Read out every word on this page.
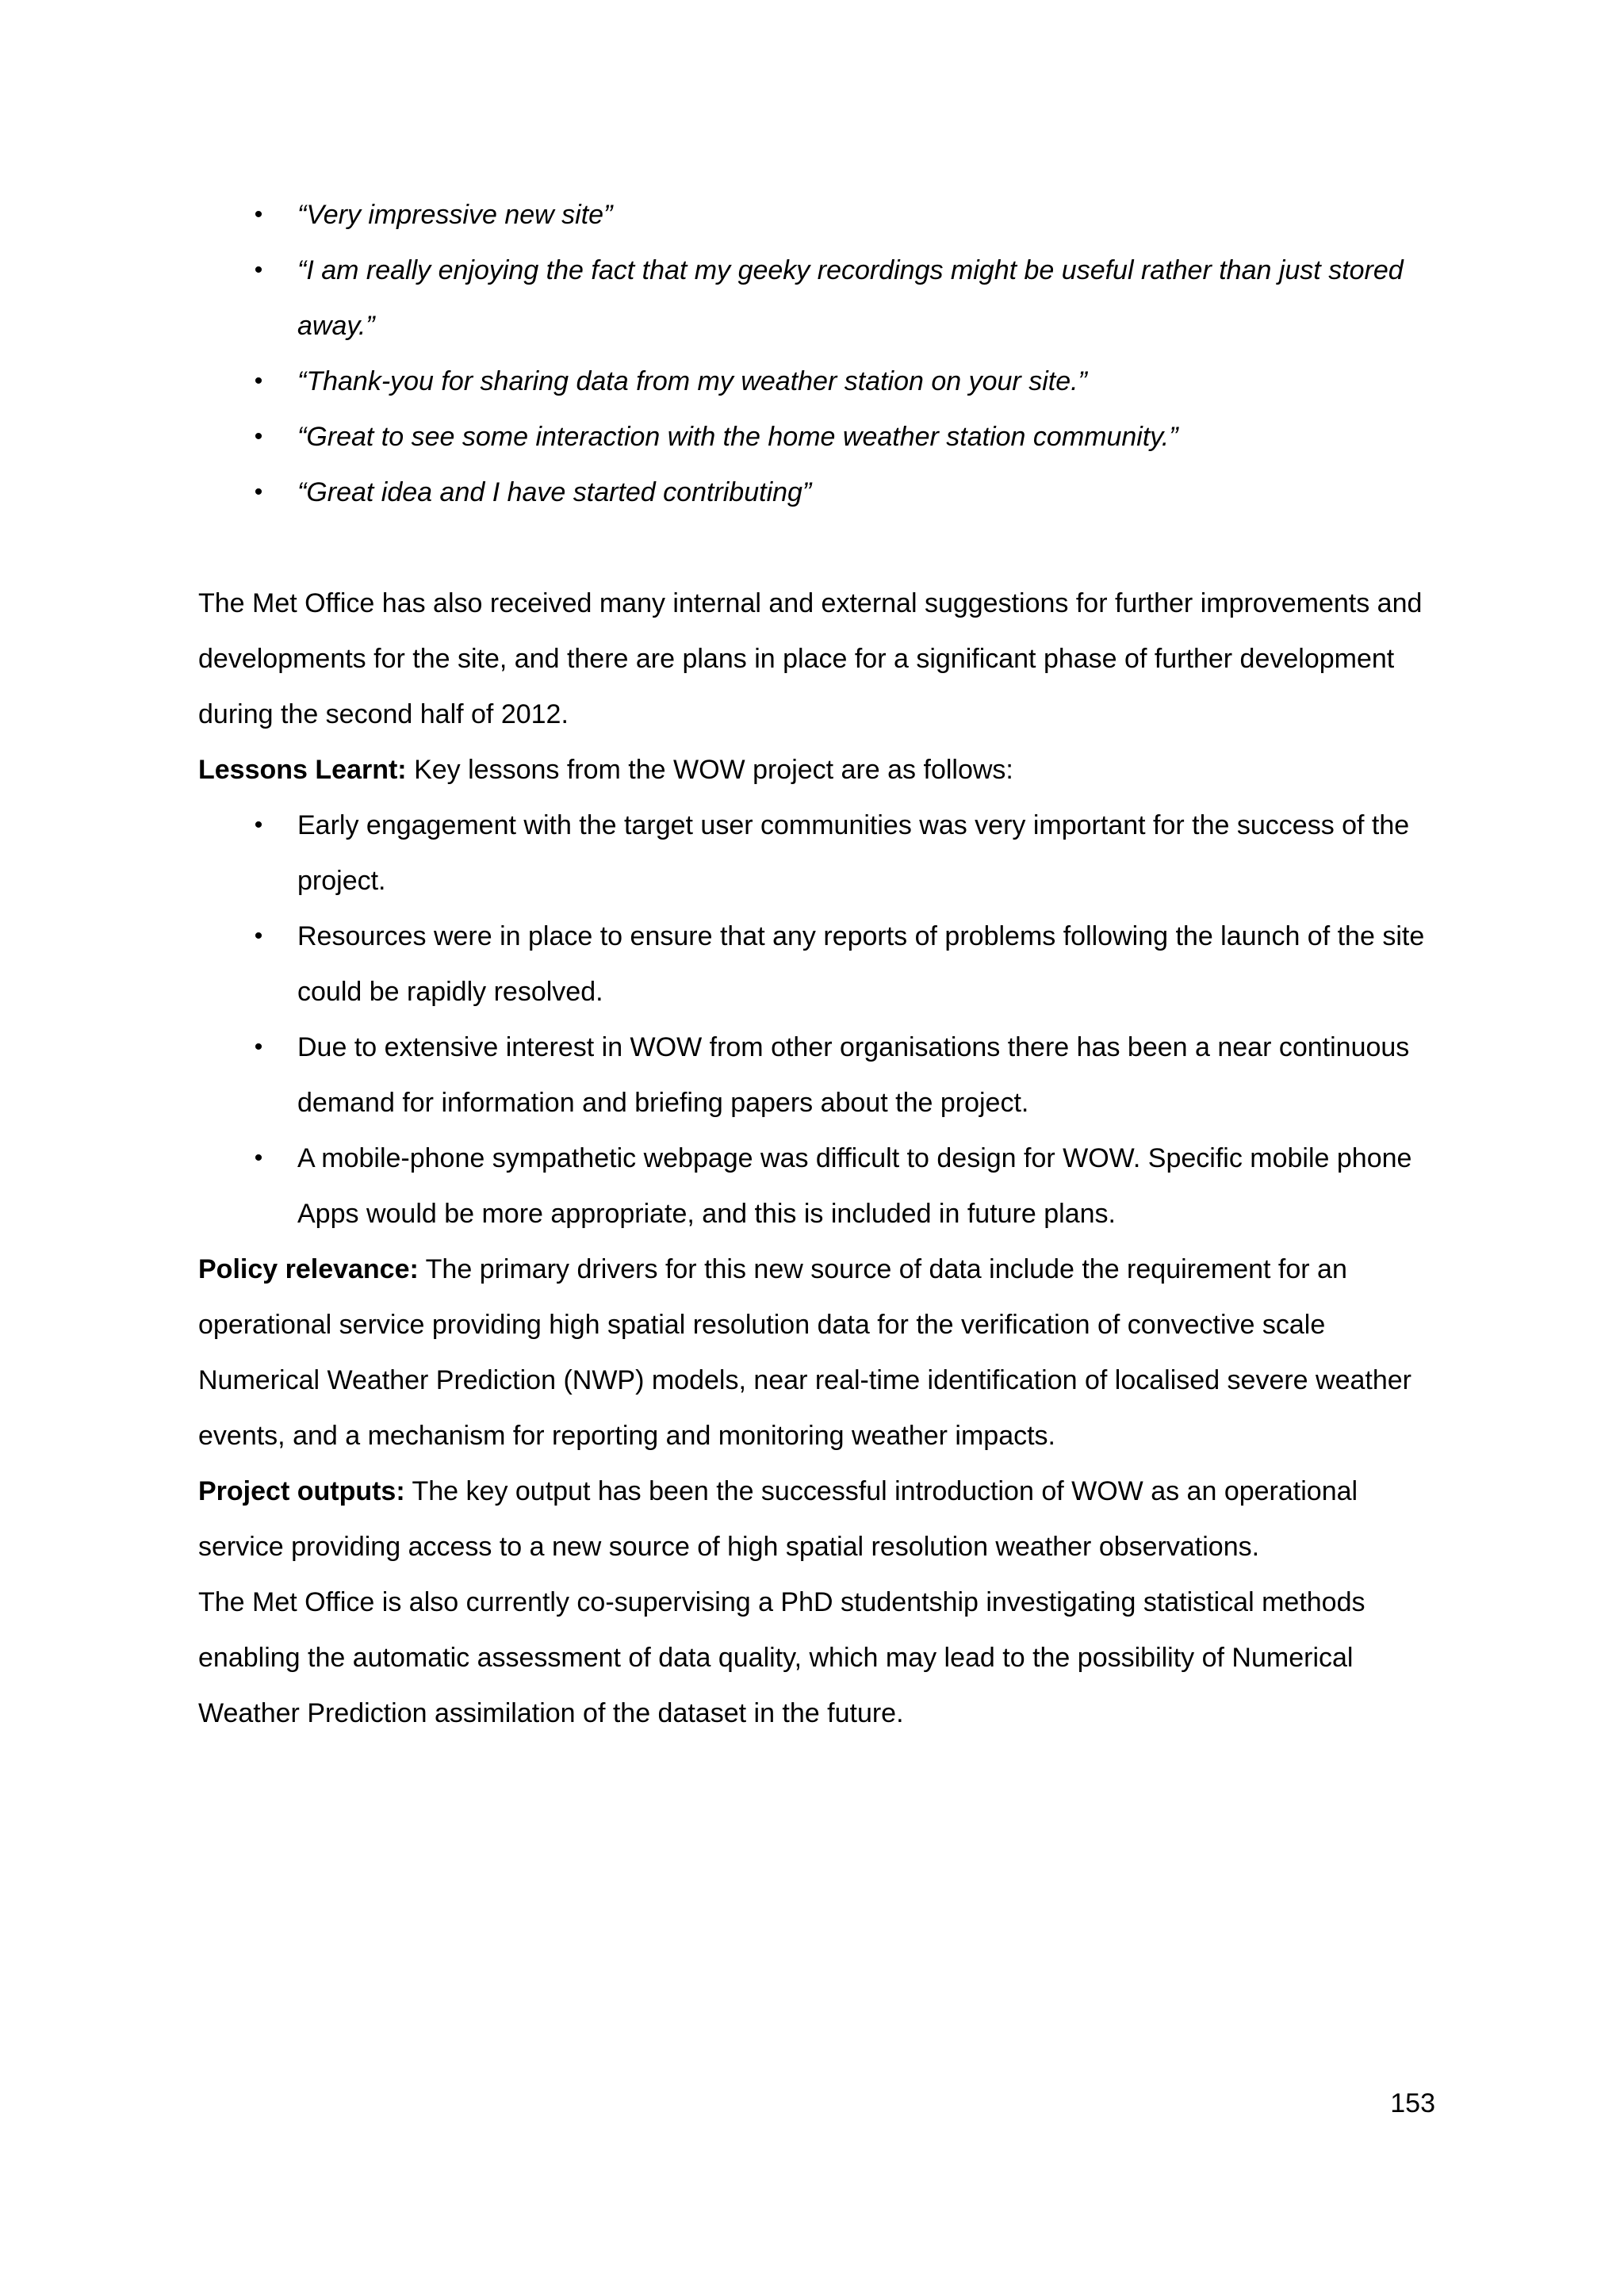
• “Very impressive new site”
• “I am really enjoying the fact that my geeky recordings might be useful rather than just stored away.”
• “Thank-you for sharing data from my weather station on your site.”
• “Great to see some interaction with the home weather station community.”
• “Great idea and I have started contributing”

The Met Office has also received many internal and external suggestions for further improvements and developments for the site, and there are plans in place for a significant phase of further development during the second half of 2012.

Lessons Learnt: Key lessons from the WOW project are as follows:

• Early engagement with the target user communities was very important for the success of the project.
• Resources were in place to ensure that any reports of problems following the launch of the site could be rapidly resolved.
• Due to extensive interest in WOW from other organisations there has been a near continuous demand for information and briefing papers about the project.
• A mobile-phone sympathetic webpage was difficult to design for WOW. Specific mobile phone Apps would be more appropriate, and this is included in future plans.

Policy relevance: The primary drivers for this new source of data include the requirement for an operational service providing high spatial resolution data for the verification of convective scale Numerical Weather Prediction (NWP) models, near real-time identification of localised severe weather events, and a mechanism for reporting and monitoring weather impacts.

Project outputs: The key output has been the successful introduction of WOW as an operational service providing access to a new source of high spatial resolution weather observations.

The Met Office is also currently co-supervising a PhD studentship investigating statistical methods enabling the automatic assessment of data quality, which may lead to the possibility of Numerical Weather Prediction assimilation of the dataset in the future.

153
